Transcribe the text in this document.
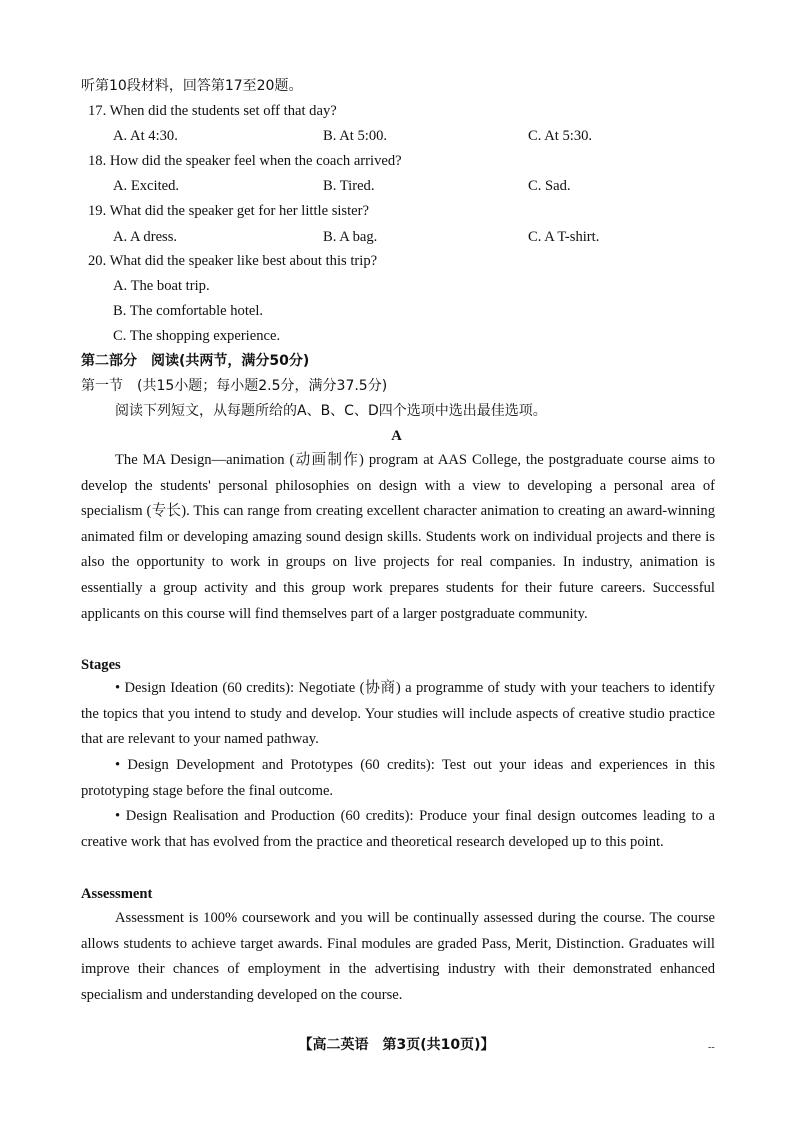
听第10段材料，回答第17至20题。
17. When did the students set off that day?
A. At 4:30.	B. At 5:00.	C. At 5:30.
18. How did the speaker feel when the coach arrived?
A. Excited.	B. Tired.	C. Sad.
19. What did the speaker get for her little sister?
A. A dress.	B. A bag.	C. A T-shirt.
20. What did the speaker like best about this trip?
A. The boat trip.
B. The comfortable hotel.
C. The shopping experience.
第二部分　阅读(共两节，满分50分)
第一节　(共15小题；每小题2.5分，满分37.5分)
阅读下列短文，从每题所给的A、B、C、D四个选项中选出最佳选项。
A
The MA Design—animation (动画制作) program at AAS College, the postgraduate course aims to develop the students' personal philosophies on design with a view to developing a personal area of specialism (专长). This can range from creating excellent character animation to creating an award-winning animated film or developing amazing sound design skills. Students work on individual projects and there is also the opportunity to work in groups on live projects for real companies. In industry, animation is essentially a group activity and this group work prepares students for their future careers. Successful applicants on this course will find themselves part of a larger postgraduate community.
Stages
• Design Ideation (60 credits): Negotiate (协商) a programme of study with your teachers to identify the topics that you intend to study and develop. Your studies will include aspects of creative studio practice that are relevant to your named pathway.
• Design Development and Prototypes (60 credits): Test out your ideas and experiences in this prototyping stage before the final outcome.
• Design Realisation and Production (60 credits): Produce your final design outcomes leading to a creative work that has evolved from the practice and theoretical research developed up to this point.
Assessment
Assessment is 100% coursework and you will be continually assessed during the course. The course allows students to achieve target awards. Final modules are graded Pass, Merit, Distinction. Graduates will improve their chances of employment in the advertising industry with their demonstrated enhanced specialism and understanding developed on the course.
【高二英语　第3页(共10页)】	--
